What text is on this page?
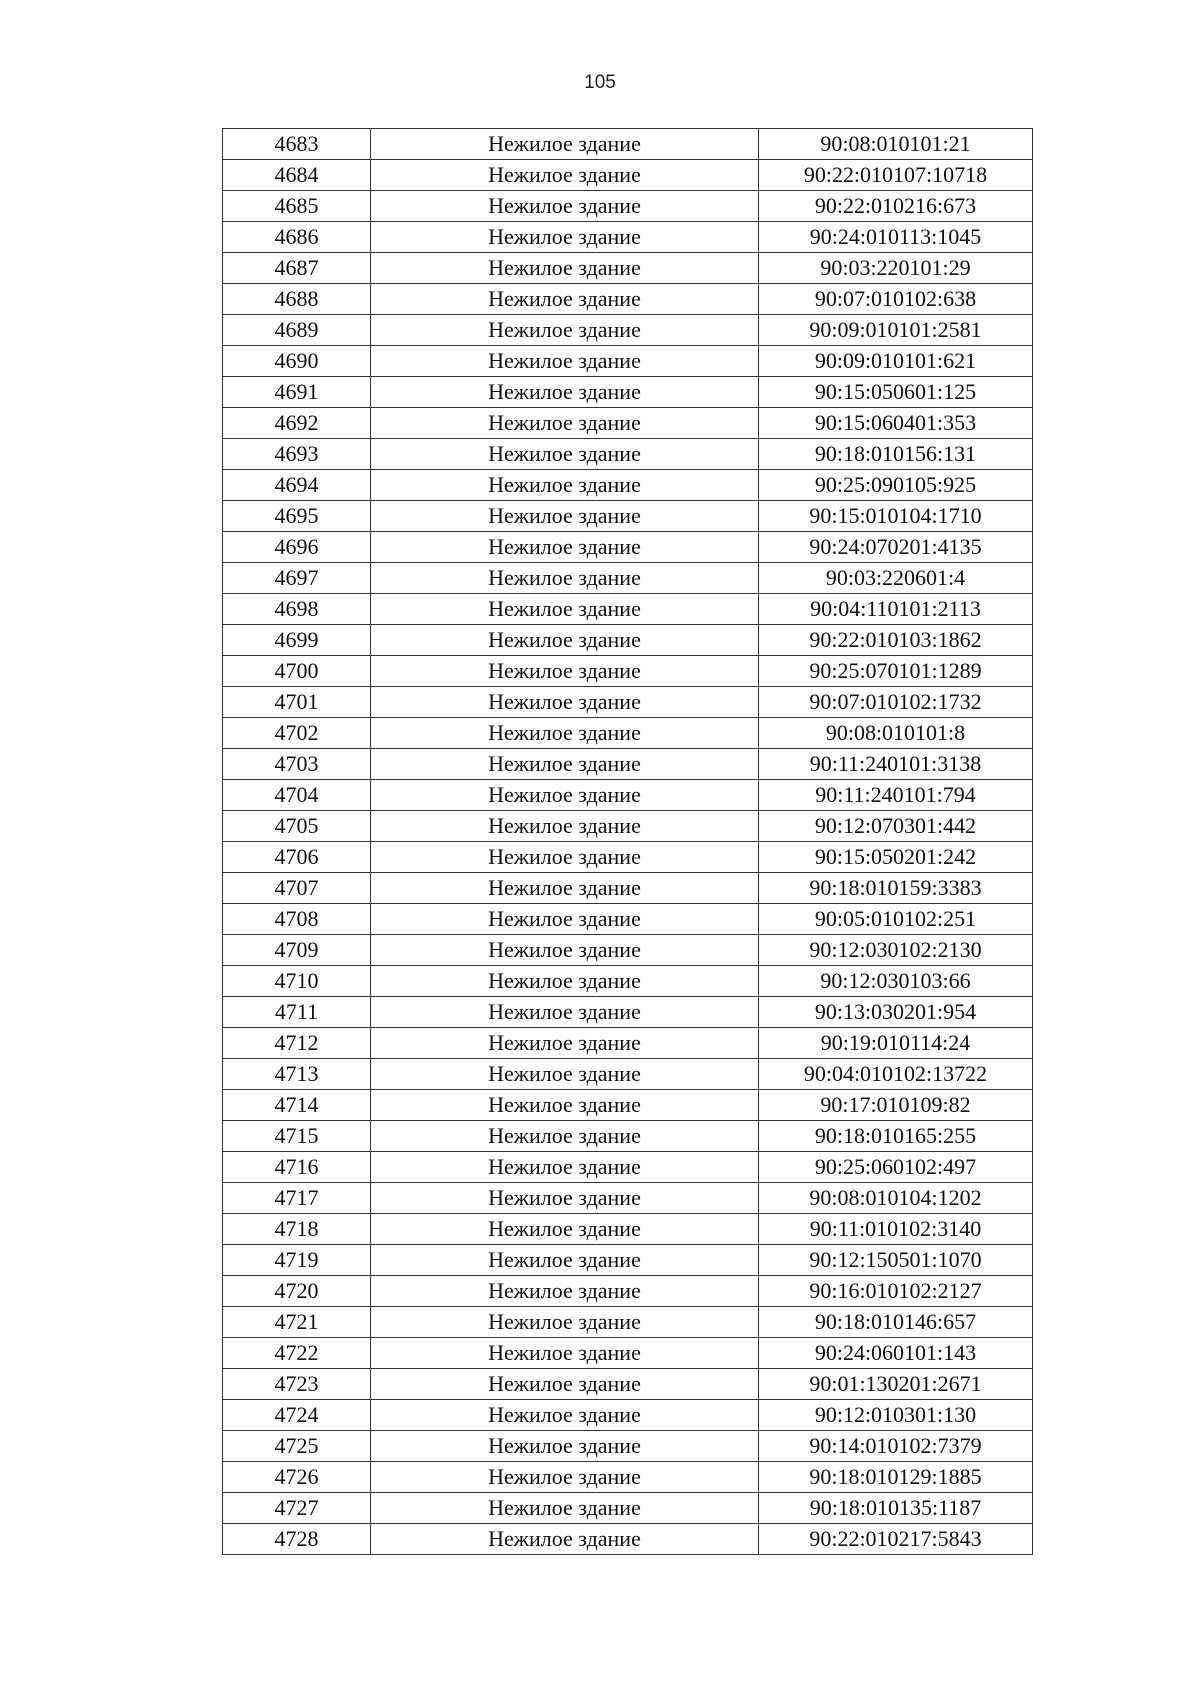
105
4683	Нежилое здание	90:08:010101:21
4684	Нежилое здание	90:22:010107:10718
4685	Нежилое здание	90:22:010216:673
4686	Нежилое здание	90:24:010113:1045
4687	Нежилое здание	90:03:220101:29
4688	Нежилое здание	90:07:010102:638
4689	Нежилое здание	90:09:010101:2581
4690	Нежилое здание	90:09:010101:621
4691	Нежилое здание	90:15:050601:125
4692	Нежилое здание	90:15:060401:353
4693	Нежилое здание	90:18:010156:131
4694	Нежилое здание	90:25:090105:925
4695	Нежилое здание	90:15:010104:1710
4696	Нежилое здание	90:24:070201:4135
4697	Нежилое здание	90:03:220601:4
4698	Нежилое здание	90:04:110101:2113
4699	Нежилое здание	90:22:010103:1862
4700	Нежилое здание	90:25:070101:1289
4701	Нежилое здание	90:07:010102:1732
4702	Нежилое здание	90:08:010101:8
4703	Нежилое здание	90:11:240101:3138
4704	Нежилое здание	90:11:240101:794
4705	Нежилое здание	90:12:070301:442
4706	Нежилое здание	90:15:050201:242
4707	Нежилое здание	90:18:010159:3383
4708	Нежилое здание	90:05:010102:251
4709	Нежилое здание	90:12:030102:2130
4710	Нежилое здание	90:12:030103:66
4711	Нежилое здание	90:13:030201:954
4712	Нежилое здание	90:19:010114:24
4713	Нежилое здание	90:04:010102:13722
4714	Нежилое здание	90:17:010109:82
4715	Нежилое здание	90:18:010165:255
4716	Нежилое здание	90:25:060102:497
4717	Нежилое здание	90:08:010104:1202
4718	Нежилое здание	90:11:010102:3140
4719	Нежилое здание	90:12:150501:1070
4720	Нежилое здание	90:16:010102:2127
4721	Нежилое здание	90:18:010146:657
4722	Нежилое здание	90:24:060101:143
4723	Нежилое здание	90:01:130201:2671
4724	Нежилое здание	90:12:010301:130
4725	Нежилое здание	90:14:010102:7379
4726	Нежилое здание	90:18:010129:1885
4727	Нежилое здание	90:18:010135:1187
4728	Нежилое здание	90:22:010217:5843
